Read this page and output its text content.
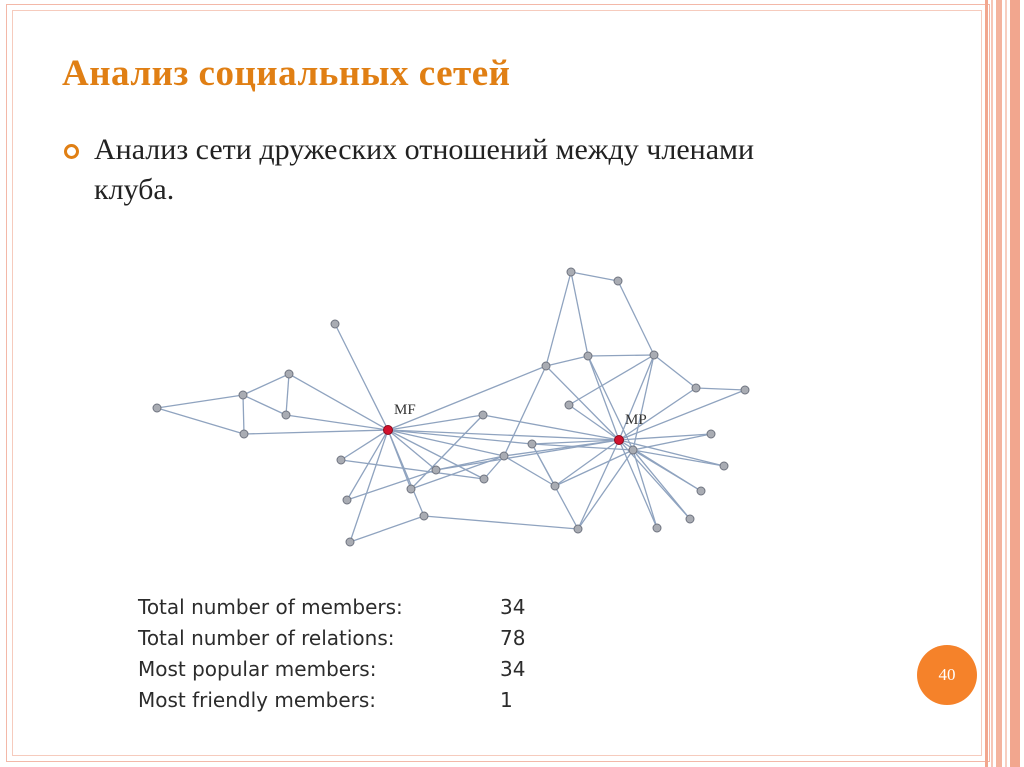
Анализ социальных сетей
Анализ сети дружеских отношений между членами клуба.
MF
MP
Total number of members:	34
Total number of relations:	78
Most popular members:	34
Most friendly members:	1
40
